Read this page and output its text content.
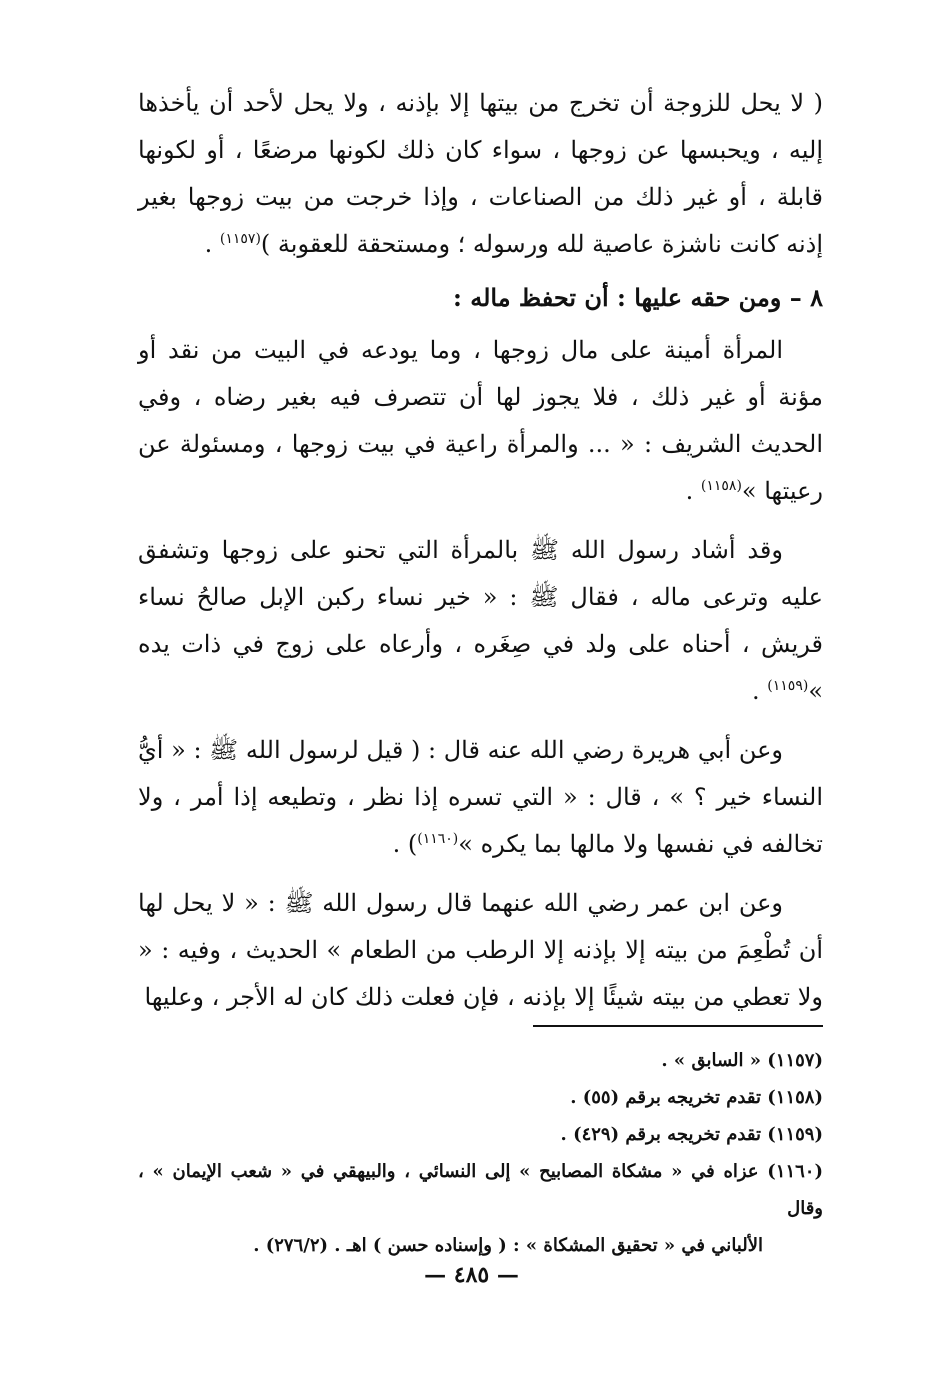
( لا يحل للزوجة أن تخرج من بيتها إلا بإذنه ، ولا يحل لأحد أن يأخذها إليه ، ويحبسها عن زوجها ، سواء كان ذلك لكونها مرضعًا ، أو لكونها قابلة ، أو غير ذلك من الصناعات ، وإذا خرجت من بيت زوجها بغير إذنه كانت ناشزة عاصية لله ورسوله ؛ ومستحقة للعقوبة )$^{(١١٥٧)}$ .

٨ – ومن حقه عليها : أن تحفظ ماله :

المرأة أمينة على مال زوجها ، وما يودعه في البيت من نقد أو مؤنة أو غير ذلك ، فلا يجوز لها أن تتصرف فيه بغير رضاه ، وفي الحديث الشريف : « ... والمرأة راعية في بيت زوجها ، ومسئولة عن رعيتها »$^{(١١٥٨)}$ .

وقد أشاد رسول الله ﷺ بالمرأة التي تحنو على زوجها وتشفق عليه وترعى ماله ، فقال ﷺ : « خير نساء ركبن الإبل صالحُ نساء قريش ، أحناه على ولد في صِغَره ، وأرعاه على زوج في ذات يده »$^{(١١٥٩)}$ .

وعن أبي هريرة رضي الله عنه قال : ( قيل لرسول الله ﷺ : « أيُّ النساء خير ؟ » ، قال : « التي تسره إذا نظر ، وتطيعه إذا أمر ، ولا تخالفه في نفسها ولا مالها بما يكره »$^{(١١٦٠)}$) .

وعن ابن عمر رضي الله عنهما قال رسول الله ﷺ : « لا يحل لها أن تُطْعِمَ من بيته إلا بإذنه إلا الرطب من الطعام » الحديث ، وفيه : « ولا تعطي من بيته شيئًا إلا بإذنه ، فإن فعلت ذلك كان له الأجر ، وعليها

(١١٥٧) « السابق » .

(١١٥٨) تقدم تخريجه برقم (٥٥) .

(١١٥٩) تقدم تخريجه برقم (٤٢٩) .

(١١٦٠) عزاه في « مشكاة المصابيح » إلى النسائي ، والبيهقي في « شعب الإيمان » ، وقال

الألباني في « تحقيق المشكاة » : ( وإسناده حسن ) اهـ . (٢٧٦/٢) .

— ٤٨٥ —
